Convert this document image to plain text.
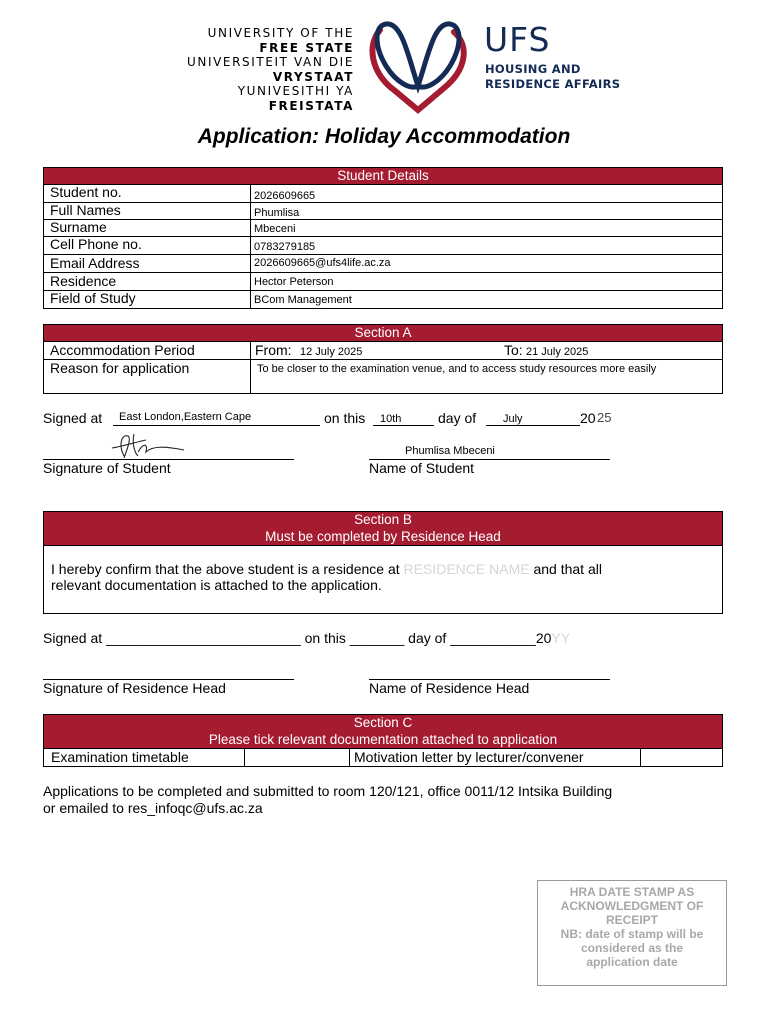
UNIVERSITY OF THE
FREE STATE
UNIVERSITEIT VAN DIE
VRYSTAAT
YUNIVESITHI YA
FREISTATA
UFS
HOUSING AND
RESIDENCE AFFAIRS
Application: Holiday Accommodation
Student Details
Student no.	2026609665
Full Names	Phumlisa
Surname	Mbeceni
Cell Phone no.	0783279185
Email Address	2026609665@ufs4life.ac.za
Residence	Hector Peterson
Field of Study	BCom Management
Section A
Accommodation Period	From: 12 July 2025	To: 21 July 2025
Reason for application	To be closer to the examination venue, and to access study resources more easily
Signed at East London,Eastern Cape	on this 10th	day of July	20 25
Signature of Student
Phumlisa Mbeceni
Name of Student
Section B
Must be completed by Residence Head
I hereby confirm that the above student is a residence at RESIDENCE NAME and that all
relevant documentation is attached to the application.
Signed at _________________________ on this _______ day of ___________20YY
Signature of Residence Head	Name of Residence Head
Section C
Please tick relevant documentation attached to application
Examination timetable	Motivation letter by lecturer/convener
Applications to be completed and submitted to room 120/121, office 0011/12 Intsika Building
or emailed to res_infoqc@ufs.ac.za
HRA DATE STAMP AS
ACKNOWLEDGMENT OF
RECEIPT
NB: date of stamp will be
considered as the
application date
